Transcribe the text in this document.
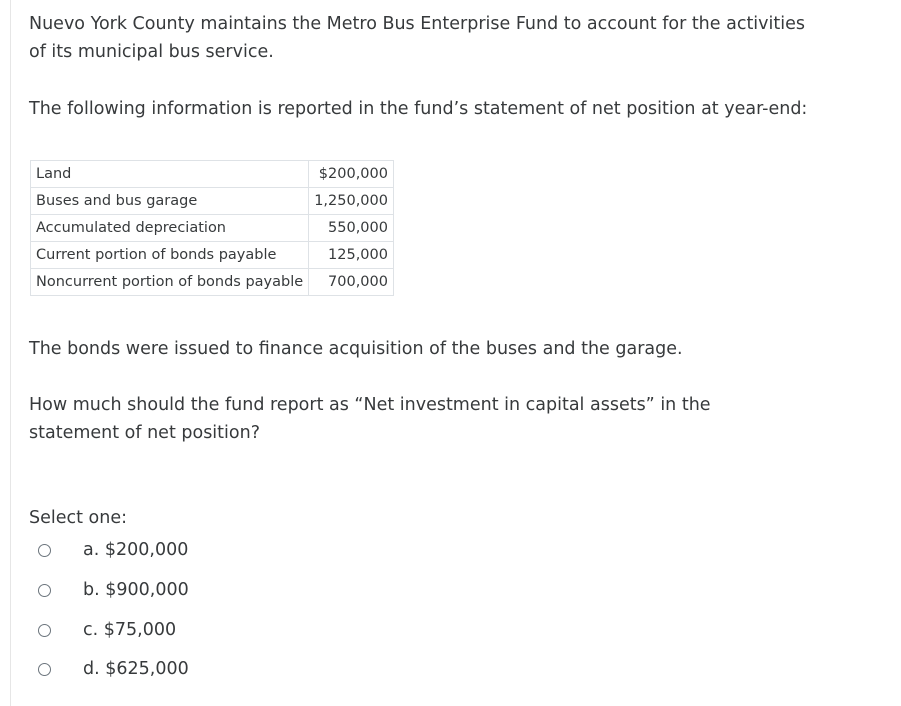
Nuevo York County maintains the Metro Bus Enterprise Fund to account for the activities of its municipal bus service.

The following information is reported in the fund’s statement of net position at year-end:

Land	$200,000
Buses and bus garage	1,250,000
Accumulated depreciation	550,000
Current portion of bonds payable	125,000
Noncurrent portion of bonds payable	700,000

The bonds were issued to finance acquisition of the buses and the garage.

How much should the fund report as “Net investment in capital assets” in the statement of net position?

Select one:
a. $200,000
b. $900,000
c. $75,000
d. $625,000
